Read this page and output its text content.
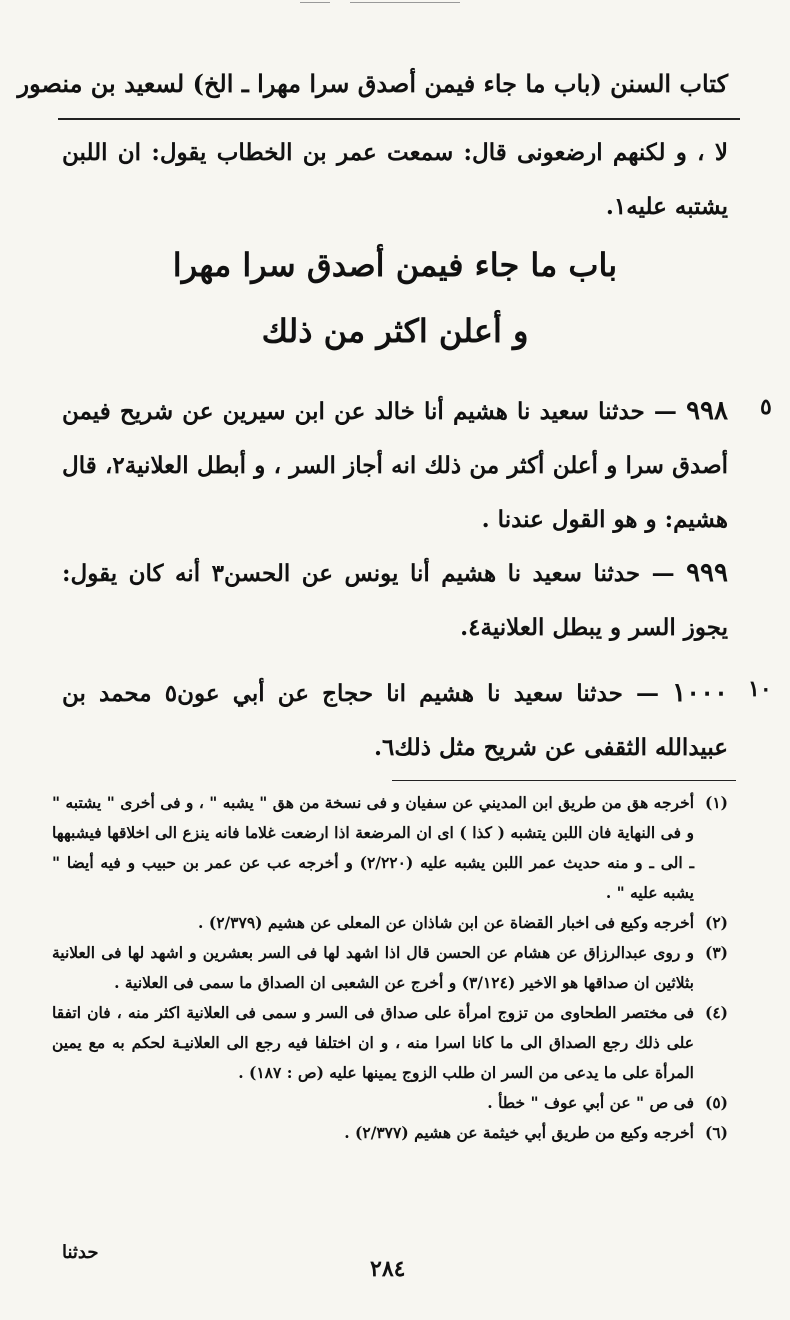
كتاب السنن (باب ما جاء فيمن أصدق سرا مهرا ـ الخ) لسعيد بن منصور

لا ، و لكنهم ارضعونى قال: سمعت عمر بن الخطاب يقول: ان اللبن يشتبه عليه١.

باب ما جاء فيمن أصدق سرا مهرا
و أعلن اكثر من ذلك
٥

٩٩٨ — حدثنا سعيد نا هشيم أنا خالد عن ابن سيرين عن شريح فيمن أصدق سرا و أعلن أكثر من ذلك انه أجاز السر ، و أبطل العلانية٢، قال هشيم: و هو القول عندنا .

٩٩٩ — حدثنا سعيد نا هشيم أنا يونس عن الحسن٣ أنه كان يقول: يجوز السر و يبطل العلانية٤.

١٠

١٠٠٠ — حدثنا سعيد نا هشيم انا حجاج عن أبي عون٥ محمد بن عبيدالله الثقفى عن شريح مثل ذلك٦.

(١)
أخرجه هق من طريق ابن المديني عن سفيان و فى نسخة من هق " يشبه " ، و فى أخرى " يشتبه " و فى النهاية فان اللبن يتشبه ( كذا ) اى ان المرضعة اذا ارضعت غلاما فانه ينزع الى اخلاقها فيشبهها ـ الى ـ و منه حديث عمر اللبن يشبه عليه (٢/٢٢٠) و أخرجه عب عن عمر بن حبيب و فيه أيضا " يشبه عليه " .

(٢)
أخرجه وكيع فى اخبار القضاة عن ابن شاذان عن المعلى عن هشيم (٢/٣٧٩) .

(٣)
و روى عبدالرزاق عن هشام عن الحسن قال اذا اشهد لها فى السر بعشرين و اشهد لها فى العلانية بثلاثين ان صداقها هو الاخير (٣/١٢٤) و أخرج عن الشعبى ان الصداق ما سمى فى العلانية .

(٤)
فى مختصر الطحاوى من تزوج امرأة على صداق فى السر و سمى فى العلانية اكثر منه ، فان اتفقا على ذلك رجع الصداق الى ما كانا اسرا منه ، و ان اختلفا فيه رجع الى العلانيـة لحكم به مع يمين المرأة على ما يدعى من السر ان طلب الزوج يمينها عليه (ص : ١٨٧) .

(٥)
فى ص " عن أبي عوف " خطأ .

(٦)
أخرجه وكيع من طريق أبي خيثمة عن هشيم (٢/٣٧٧) .

حدثنا
٢٨٤
